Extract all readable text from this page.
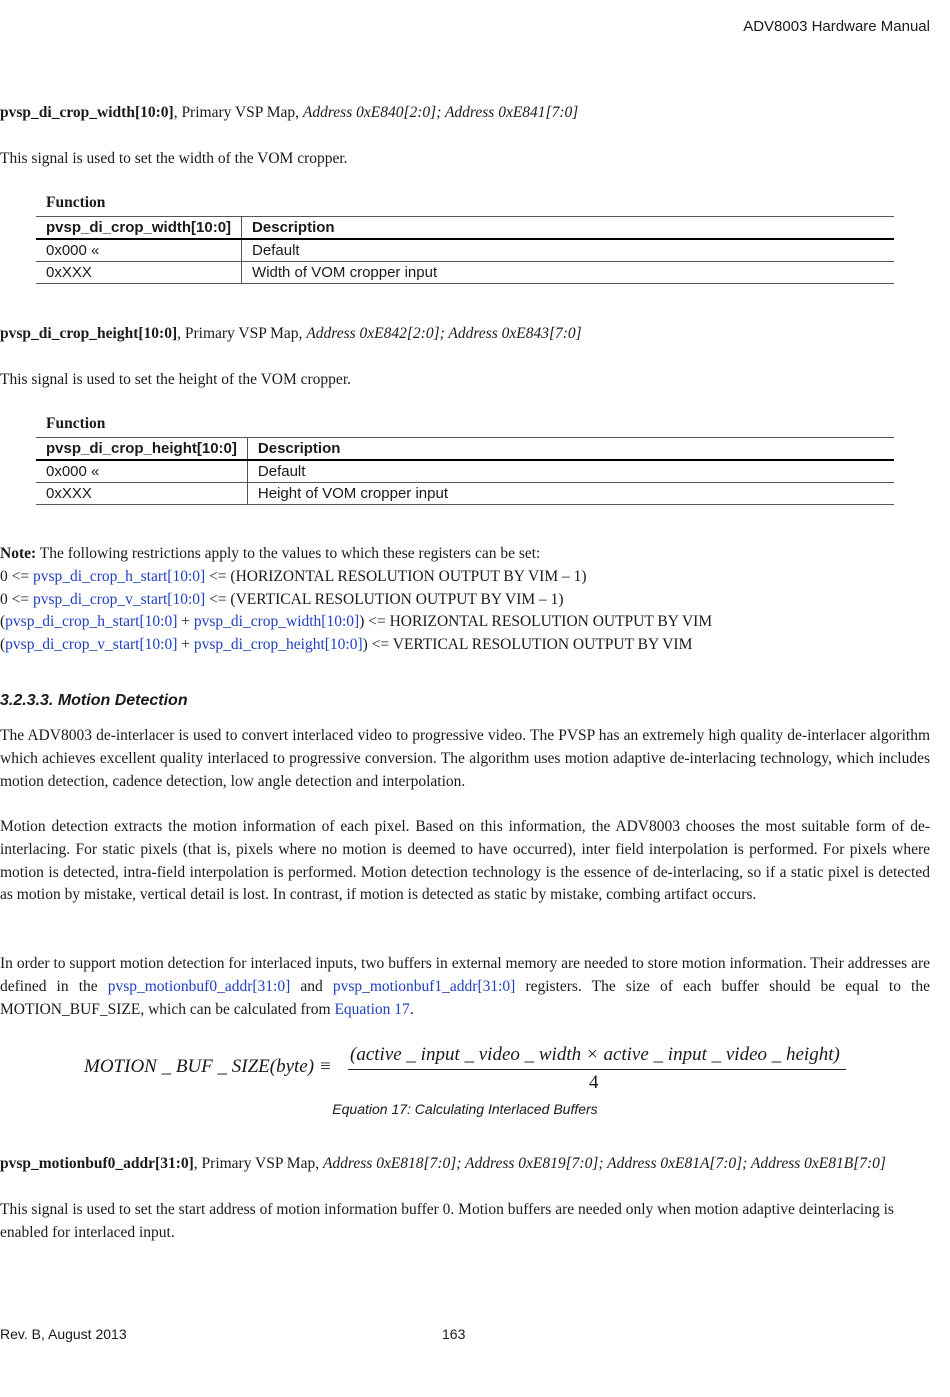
ADV8003 Hardware Manual
pvsp_di_crop_width[10:0], Primary VSP Map, Address 0xE840[2:0]; Address 0xE841[7:0]
This signal is used to set the width of the VOM cropper.
Function
pvsp_di_crop_width[10:0]	Description
0x000 «	Default
0xXXX	Width of VOM cropper input
pvsp_di_crop_height[10:0], Primary VSP Map, Address 0xE842[2:0]; Address 0xE843[7:0]
This signal is used to set the height of the VOM cropper.
Function
pvsp_di_crop_height[10:0]	Description
0x000 «	Default
0xXXX	Height of VOM cropper input
Note: The following restrictions apply to the values to which these registers can be set:
0 <= pvsp_di_crop_h_start[10:0] <= (HORIZONTAL RESOLUTION OUTPUT BY VIM – 1)
0 <= pvsp_di_crop_v_start[10:0] <= (VERTICAL RESOLUTION OUTPUT BY VIM – 1)
(pvsp_di_crop_h_start[10:0] + pvsp_di_crop_width[10:0]) <= HORIZONTAL RESOLUTION OUTPUT BY VIM
(pvsp_di_crop_v_start[10:0] + pvsp_di_crop_height[10:0]) <= VERTICAL RESOLUTION OUTPUT BY VIM
3.2.3.3. Motion Detection
The ADV8003 de-interlacer is used to convert interlaced video to progressive video. The PVSP has an extremely high quality de-interlacer algorithm which achieves excellent quality interlaced to progressive conversion. The algorithm uses motion adaptive de-interlacing technology, which includes motion detection, cadence detection, low angle detection and interpolation.
Motion detection extracts the motion information of each pixel. Based on this information, the ADV8003 chooses the most suitable form of de-interlacing. For static pixels (that is, pixels where no motion is deemed to have occurred), inter field interpolation is performed. For pixels where motion is detected, intra-field interpolation is performed. Motion detection technology is the essence of de-interlacing, so if a static pixel is detected as motion by mistake, vertical detail is lost. In contrast, if motion is detected as static by mistake, combing artifact occurs.
In order to support motion detection for interlaced inputs, two buffers in external memory are needed to store motion information. Their addresses are defined in the pvsp_motionbuf0_addr[31:0] and pvsp_motionbuf1_addr[31:0] registers. The size of each buffer should be equal to the MOTION_BUF_SIZE, which can be calculated from Equation 17.
MOTION _ BUF _ SIZE(byte) ≡
(active _ input _ video _ width × active _ input _ video _ height)
4
Equation 17: Calculating Interlaced Buffers
pvsp_motionbuf0_addr[31:0], Primary VSP Map, Address 0xE818[7:0]; Address 0xE819[7:0]; Address 0xE81A[7:0]; Address 0xE81B[7:0]
This signal is used to set the start address of motion information buffer 0. Motion buffers are needed only when motion adaptive deinterlacing is enabled for interlaced input.
Rev. B, August 2013	163
